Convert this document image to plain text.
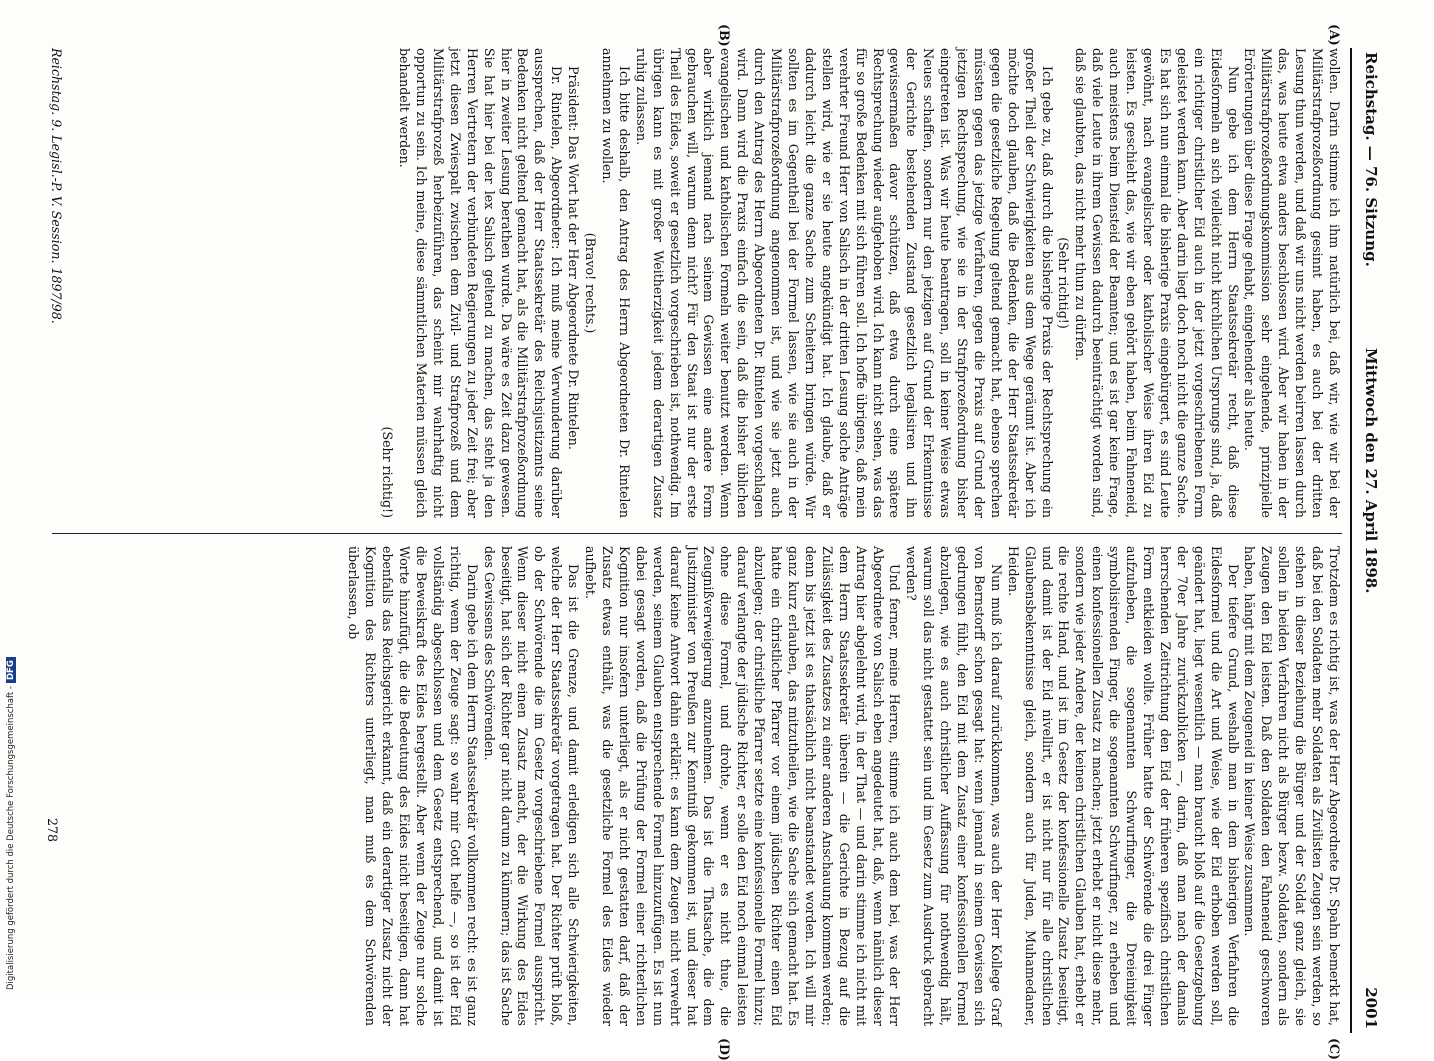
Reichstag. — 76. Sitzung.
Mittwoch den 27. April 1898.
2001
(A)
(B)
(C)
(D)

wollen. Darin stimme ich ihm natürlich bei, daß wir, wie wir bei der Militärstrafprozeßordnung gesinnt haben, es auch bei der dritten Lesung thun werden, und daß wir uns nicht werden beirren lassen durch das, was heute etwa anders beschlossen wird. Aber wir haben in der Militärstrafprozeßordnungskommission sehr eingehende, prinzipielle Erörterungen über diese Frage gehabt, eingehender als heute.

Nun gebe ich dem Herrn Staatssekretär recht, daß diese Eidesformeln an sich vielleicht nicht kirchlichen Ursprungs sind, ja, daß ein richtiger christlicher Eid auch in der jetzt vorgeschriebenen Form geleistet werden kann. Aber darin liegt doch noch nicht die ganze Sache. Es hat sich nun einmal die bisherige Praxis eingebürgert, es sind Leute gewöhnt, nach evangelischer oder katholischer Weise ihren Eid zu leisten. Es geschieht das, wie wir eben gehört haben, beim Fahneneid, auch meistens beim Diensteid der Beamten; und es ist gar keine Frage, daß viele Leute in ihrem Gewissen dadurch beeinträchtigt worden sind, daß sie glaubten, das nicht mehr thun zu dürfen.

(Sehr richtig!)

Ich gebe zu, daß durch die bisherige Praxis der Rechtsprechung ein großer Theil der Schwierigkeiten aus dem Wege geräumt ist. Aber ich möchte doch glauben, daß die Bedenken, die der Herr Staatssekretär gegen die gesetzliche Regelung geltend gemacht hat, ebenso sprechen müssten gegen das jetzige Verfahren, gegen die Praxis auf Grund der jetzigen Rechtsprechung, wie sie in der Strafprozeßordnung bisher eingetreten ist. Was wir heute beantragen, soll in keiner Weise etwas Neues schaffen, sondern nur den jetzigen auf Grund der Erkenntnisse der Gerichte bestehenden Zustand gesetzlich legalisiren und ihn gewissermaßen davor schützen, daß etwa durch eine spätere Rechtsprechung wieder aufgehoben wird. Ich kann nicht sehen, was das für so große Bedenken mit sich führen soll. Ich hoffe übrigens, daß mein verehrter Freund Herr von Salisch in der dritten Lesung solche Anträge stellen wird, wie er sie heute angekündigt hat. Ich glaube, daß er dadurch leicht die ganze Sache zum Scheitern bringen würde. Wir sollten es im Gegentheil bei der Formel lassen, wie sie auch in der Militärstrafprozeßordnung angenommen ist, und wie sie jetzt auch durch den Antrag des Herrn Abgeordneten Dr. Rintelen vorgeschlagen wird. Dann wird die Praxis einfach die sein, daß die bisher üblichen evangelischen und katholischen Formeln weiter benutzt werden. Wenn aber wirklich jemand nach seinem Gewissen eine andere Form gebrauchen will, warum denn nicht? Für den Staat ist nur der erste Theil des Eides, soweit er gesetzlich vorgeschrieben ist, nothwendig. Im übrigen kann es mit großer Weitherzigkeit jedem derartigen Zusatz ruhig zulassen.

Ich bitte deshalb, den Antrag des Herrn Abgeordneten Dr. Rintelen annehmen zu wollen.

(Bravo! rechts.)

Präsident: Das Wort hat der Herr Abgeordnete Dr. Rintelen.

Dr. Rintelen, Abgeordneter: Ich muß meine Verwunderung darüber aussprechen, daß der Herr Staatssekretär des Reichsjustizamts seine Bedenken nicht geltend gemacht hat, als die Militärstrafprozeßordnung hier in zweiter Lesung berathen wurde. Da wäre es Zeit dazu gewesen. Sie hat hier bei der lex Salisch geltend zu machen, das steht ja den Herren Vertretern der verbündeten Regierungen zu jeder Zeit frei; aber jetzt diesen Zwiespalt zwischen dem Zivil- und Strafprozeß und dem Militärstrafprozeß herbeizuführen, das scheint mir wahrhaftig nicht opportun zu sein. Ich meine, diese sämmtlichen Materien müssen gleich behandelt werden.

(Sehr richtig!)

Trotzdem es richtig ist, was der Herr Abgeordnete Dr. Spahn bemerkt hat, daß bei den Soldaten mehr Soldaten als Zivilisten Zeugen sein werden, so stehen in dieser Beziehung die Bürger und der Soldat ganz gleich, sie sollen in beiden Verfahren nicht als Bürger bezw. Soldaten, sondern als Zeugen den Eid leisten. Daß den Soldaten den Fahneneid geschworen haben, hängt mit dem Zeugeneid in keiner Weise zusammen.

Der tiefere Grund, weshalb man in dem bisherigen Verfahren die Eidesformel und die Art und Weise, wie der Eid erhoben werden soll, geändert hat, liegt wesentlich — man braucht bloß auf die Gesetzgebung der 70er Jahre zurückzublicken —, darin, daß man nach der damals herrschenden Zeitrichtung den Eid der früheren spezifisch christlichen Form entkleiden wollte. Früher hatte der Schwörende die drei Finger aufzuheben, die sogenannten Schwurfinger, die Dreieinigkeit symbolisirenden Finger, die sogenannten Schwurfinger, zu erheben und einen konfessionellen Zusatz zu machen; jetzt erhebt er nicht diese mehr, sondern wie jeder Andere, der keinen christlichen Glauben hat, erhebt er die rechte Hand, und ist im Gesetz der konfessionelle Zusatz beseitigt, und damit ist der Eid nivellirt, er ist nicht nur für alle christlichen Glaubensbekenntnisse gleich, sondern auch für Juden, Muhamedaner, Heiden.

Nun muß ich darauf zurückkommen, was auch der Herr Kollege Graf von Bernstorff schon gesagt hat: wenn jemand in seinem Gewissen sich gedrungen fühlt, den Eid mit dem Zusatz einer konfessionellen Formel abzulegen, wie es auch christlicher Auffassung für nothwendig hält, warum soll das nicht gestattet sein und im Gesetz zum Ausdruck gebracht werden?

Und ferner, meine Herren, stimme ich auch dem bei, was der Herr Abgeordnete von Salisch eben angedeutet hat, daß, wenn nämlich dieser Antrag hier abgelehnt wird, in der That — und darin stimme ich nicht mit dem Herrn Staatssekretär überein — die Gerichte in Bezug auf die Zulässigkeit des Zusatzes zu einer anderen Anschauung kommen werden; denn bis jetzt ist es thatsächlich nicht beanstandet worden. Ich will mir ganz kurz erlauben, das mitzutheilen, wie die Sache sich gemacht hat. Es hatte ein christlicher Pfarrer vor einem jüdischen Richter einen Eid abzulegen; der christliche Pfarrer setzte eine konfessionelle Formel hinzu; darauf verlangte der jüdische Richter, er solle den Eid noch einmal leisten ohne diese Formel, und drohte, wenn er es nicht thue, die Zeugnißverweigerung anzunehmen. Das ist die Thatsache, die dem Justizminister von Preußen zur Kenntniß gekommen ist, und dieser hat darauf keine Antwort dahin erklärt: es kann dem Zeugen nicht verwehrt werden, seinem Glauben entsprechende Formel hinzuzufügen. Es ist nun dabei gesagt worden, daß die Prüfung der Formel einer richterlichen Kognition nur insofern unterliegt, als er nicht gestatten darf, daß der Zusatz etwas enthält, was die gesetzliche Formel des Eides wieder aufhebt.

Das ist die Grenze, und damit erledigen sich alle Schwierigkeiten, welche der Herr Staatssekretär vorgetragen hat. Der Richter prüft bloß, ob der Schwörende die im Gesetz vorgeschriebene Formel ausspricht. Wenn dieser nicht einen Zusatz macht, der die Wirkung des Eides beseitigt, hat sich der Richter gar nicht darum zu kümmern; das ist Sache des Gewissens des Schwörenden.

Darin gebe ich dem Herrn Staatssekretär vollkommen recht: es ist ganz richtig, wenn der Zeuge sagt: so wahr mir Gott helfe —, so ist der Eid vollständig abgeschlossen und dem Gesetz entsprechend, und damit ist die Beweiskraft des Eides hergestellt. Aber wenn der Zeuge nur solche Worte hinzufügt, die die Bedeutung des Eides nicht beseitigen, dann hat ebenfalls das Reichsgericht erkannt, daß ein derartiger Zusatz nicht der Kognition des Richters unterliegt, man muß es dem Schwörenden überlassen, ob

Reichstag. 9. Legisl.-P. V. Session. 1897/98.
278
Digitalisierung gefördert durch die Deutsche Forschungsgemeinschaft -DFG
